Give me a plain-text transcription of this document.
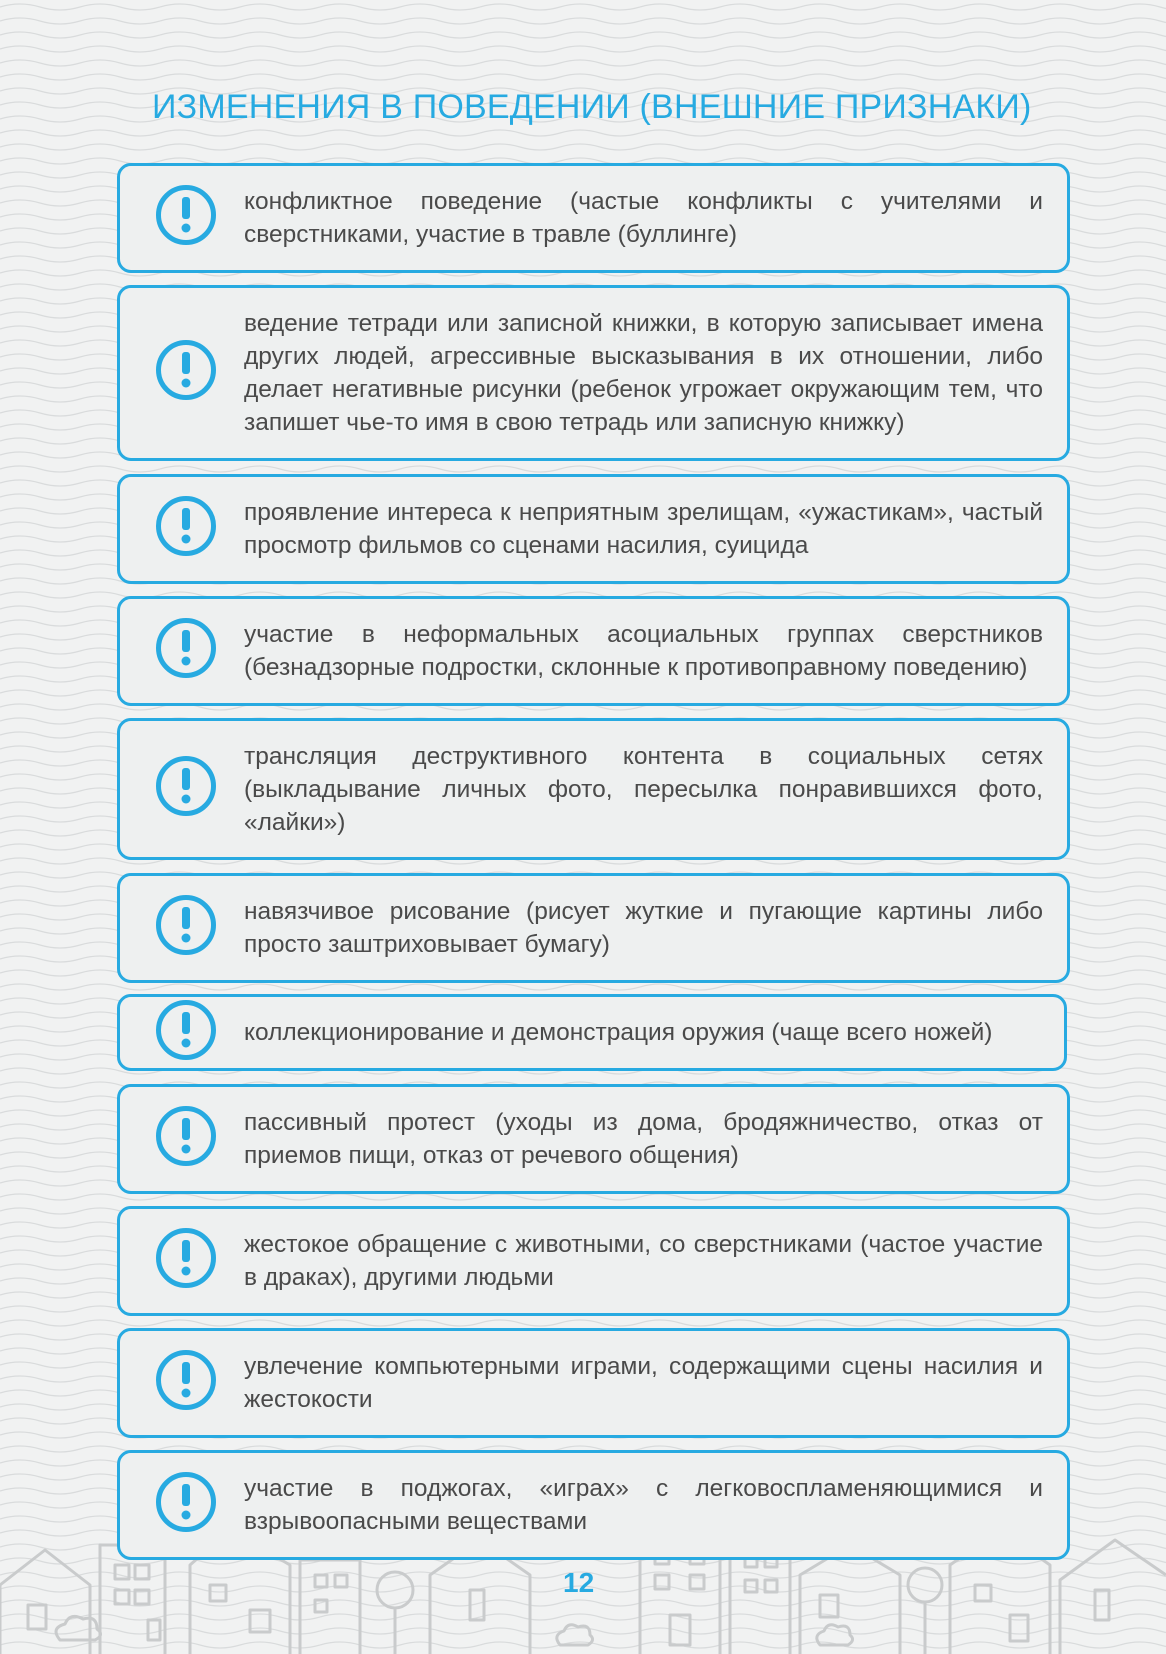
ИЗМЕНЕНИЯ В ПОВЕДЕНИИ (ВНЕШНИЕ ПРИЗНАКИ)

конфликтное поведение (частые конфликты с учителями и сверстниками, участие в травле (буллинге)

ведение тетради или записной книжки, в которую записывает имена других людей, агрессивные высказывания в их отношении, либо делает негативные рисунки (ребенок угрожает окружающим тем, что запишет чье-то имя в свою тетрадь или записную книжку)

проявление интереса к неприятным зрелищам, «ужастикам», частый просмотр фильмов со сценами насилия, суицида

участие в неформальных асоциальных группах сверстников (безнадзорные подростки, склонные к противоправному поведению)

трансляция деструктивного контента в социальных сетях (выкладывание личных фото, пересылка понравившихся фото, «лайки»)

навязчивое рисование (рисует жуткие и пугающие картины либо просто заштриховывает бумагу)

коллекционирование и демонстрация оружия (чаще всего ножей)

пассивный протест (уходы из дома, бродяжничество, отказ от приемов пищи, отказ от речевого общения)

жестокое обращение с животными, со сверстниками (частое участие в драках), другими людьми

увлечение компьютерными играми, содержащими сцены насилия и жестокости

участие в поджогах, «играх» с легковоспламеняющимися и взрывоопасными веществами

12
